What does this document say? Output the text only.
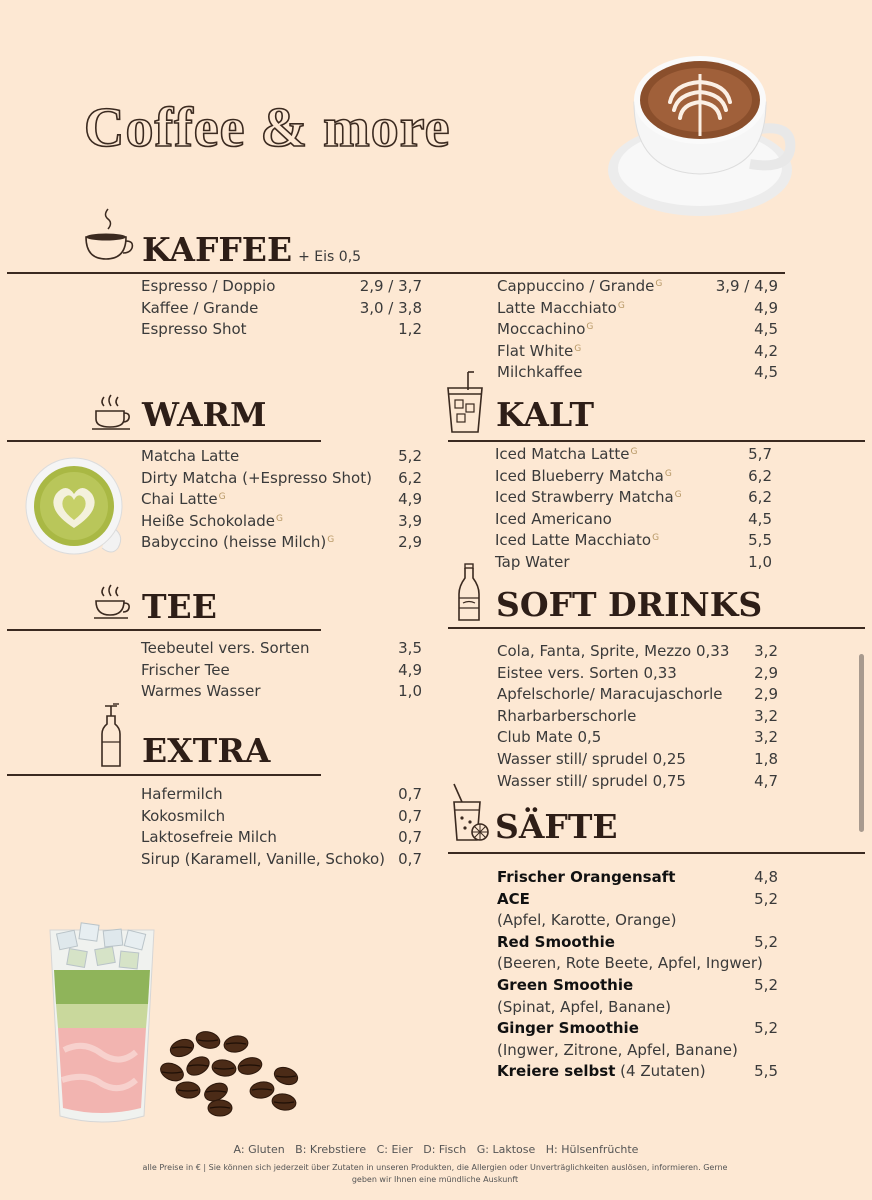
Coffee & more
KAFFEE + Eis 0,5
Espresso / Doppio	2,9 / 3,7
Kaffee / Grande	3,0 / 3,8
Espresso Shot	1,2
Cappuccino / Grande$^G$	3,9 / 4,9
Latte Macchiato$^G$	4,9
Moccachino$^G$	4,5
Flat White$^G$	4,2
Milchkaffee	4,5
WARM
Matcha Latte	5,2
Dirty Matcha (+Espresso Shot) 6,2
Chai Latte$^G$	4,9
Heiße Schokolade$^G$	3,9
Babyccino (heisse Milch)$^G$	2,9
KALT
Iced Matcha Latte$^G$	5,7
Iced Blueberry Matcha$^G$	6,2
Iced Strawberry Matcha$^G$	6,2
Iced Americano	4,5
Iced Latte Macchiato$^G$	5,5
Tap Water	1,0
TEE
Teebeutel vers. Sorten	3,5
Frischer Tee	4,9
Warmes Wasser	1,0
SOFT DRINKS
Cola, Fanta, Sprite, Mezzo 0,33 3,2
Eistee vers. Sorten 0,33	2,9
Apfelschorle/ Maracujaschorle 2,9
Rharbarberschorle	3,2
Club Mate 0,5	3,2
Wasser still/ sprudel 0,25	1,8
Wasser still/ sprudel 0,75	4,7
EXTRA
Hafermilch	0,7
Kokosmilch	0,7
Laktosefreie Milch	0,7
Sirup (Karamell, Vanille, Schoko) 0,7
SÄFTE
Frischer Orangensaft	4,8
ACE	5,2
(Apfel, Karotte, Orange)
Red Smoothie	5,2
(Beeren, Rote Beete, Apfel, Ingwer)
Green Smoothie	5,2
(Spinat, Apfel, Banane)
Ginger Smoothie	5,2
(Ingwer, Zitrone, Apfel, Banane)
Kreiere selbst (4 Zutaten)	5,5
A: Gluten   B: Krebstiere   C: Eier   D: Fisch   G: Laktose   H: Hülsenfrüchte
alle Preise in € | Sie können sich jederzeit über Zutaten in unseren Produkten, die Allergien oder Unverträglichkeiten auslösen, informieren. Gerne geben wir Ihnen eine mündliche Auskunft
